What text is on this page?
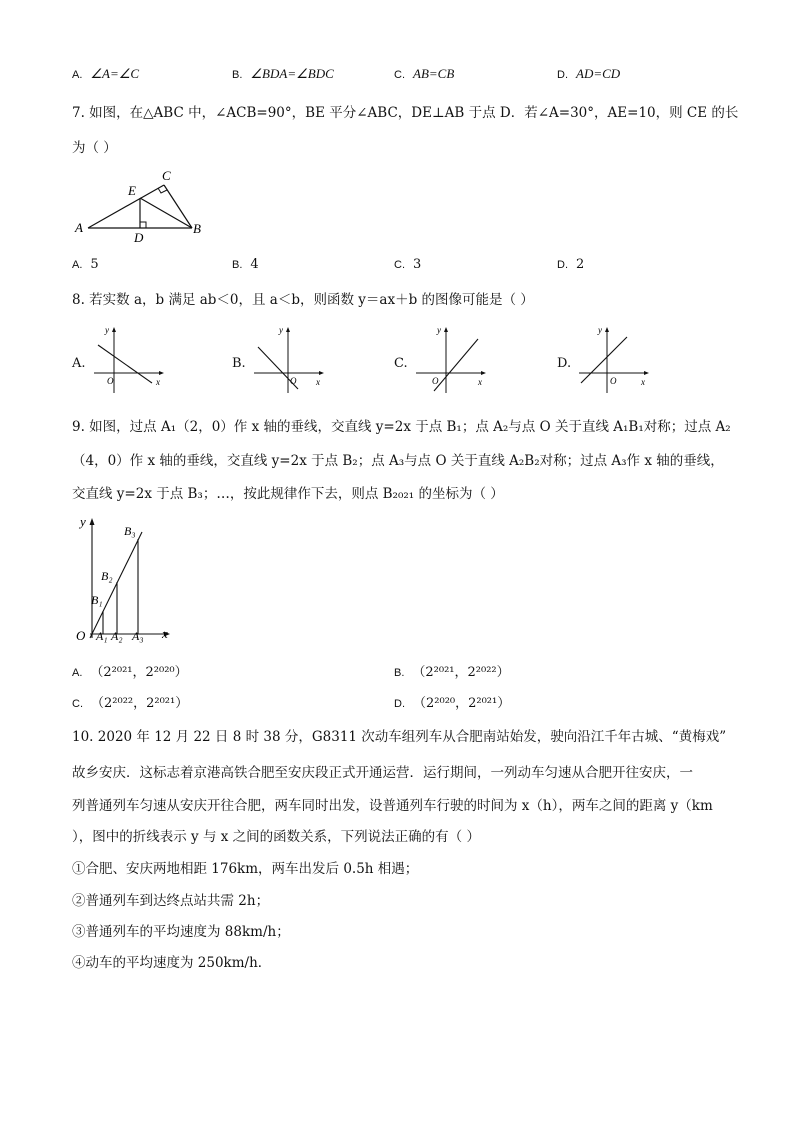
A. ∠A=∠C	B. ∠BDA=∠BDC	C. AB=CB	D. AD=CD
7. 如图，在△ABC 中，∠ACB=90°，BE 平分∠ABC，DE⊥AB 于点 D．若∠A=30°，AE=10，则 CE 的长
为（ ）
A	B
C
D
E
A. 5	B. 4	C. 3	D. 2
8. 若实数 a，b 满足 ab＜0，且 a＜b，则函数 y＝ax＋b 的图像可能是（ ）
A.
y
x
O
B.
y
x
O
C.
y
x
O
D.
y
x
O
9. 如图，过点 A₁（2，0）作 x 轴的垂线，交直线 y=2x 于点 B₁；点 A₂与点 O 关于直线 A₁B₁对称；过点 A₂
（4，0）作 x 轴的垂线，交直线 y=2x 于点 B₂；点 A₃与点 O 关于直线 A₂B₂对称；过点 A₃作 x 轴的垂线，
交直线 y=2x 于点 B₃；…，按此规律作下去，则点 B₂₀₂₁ 的坐标为（ ）
y
x
O A₁ A₂ A₃
B₁
B₂
B₃
A. （2²⁰²¹，2²⁰²⁰）	B. （2²⁰²¹，2²⁰²²）
C. （2²⁰²²，2²⁰²¹）	D. （2²⁰²⁰，2²⁰²¹）
10. 2020 年 12 月 22 日 8 时 38 分，G8311 次动车组列车从合肥南站始发，驶向沿江千年古城、“黄梅戏”
故乡安庆．这标志着京港高铁合肥至安庆段正式开通运营．运行期间，一列动车匀速从合肥开往安庆，一
列普通列车匀速从安庆开往合肥，两车同时出发，设普通列车行驶的时间为 x（h），两车之间的距离 y（km
），图中的折线表示 y 与 x 之间的函数关系，下列说法正确的有（ ）
①合肥、安庆两地相距 176km，两车出发后 0.5h 相遇；
②普通列车到达终点站共需 2h；
③普通列车的平均速度为 88km/h；
④动车的平均速度为 250km/h．
